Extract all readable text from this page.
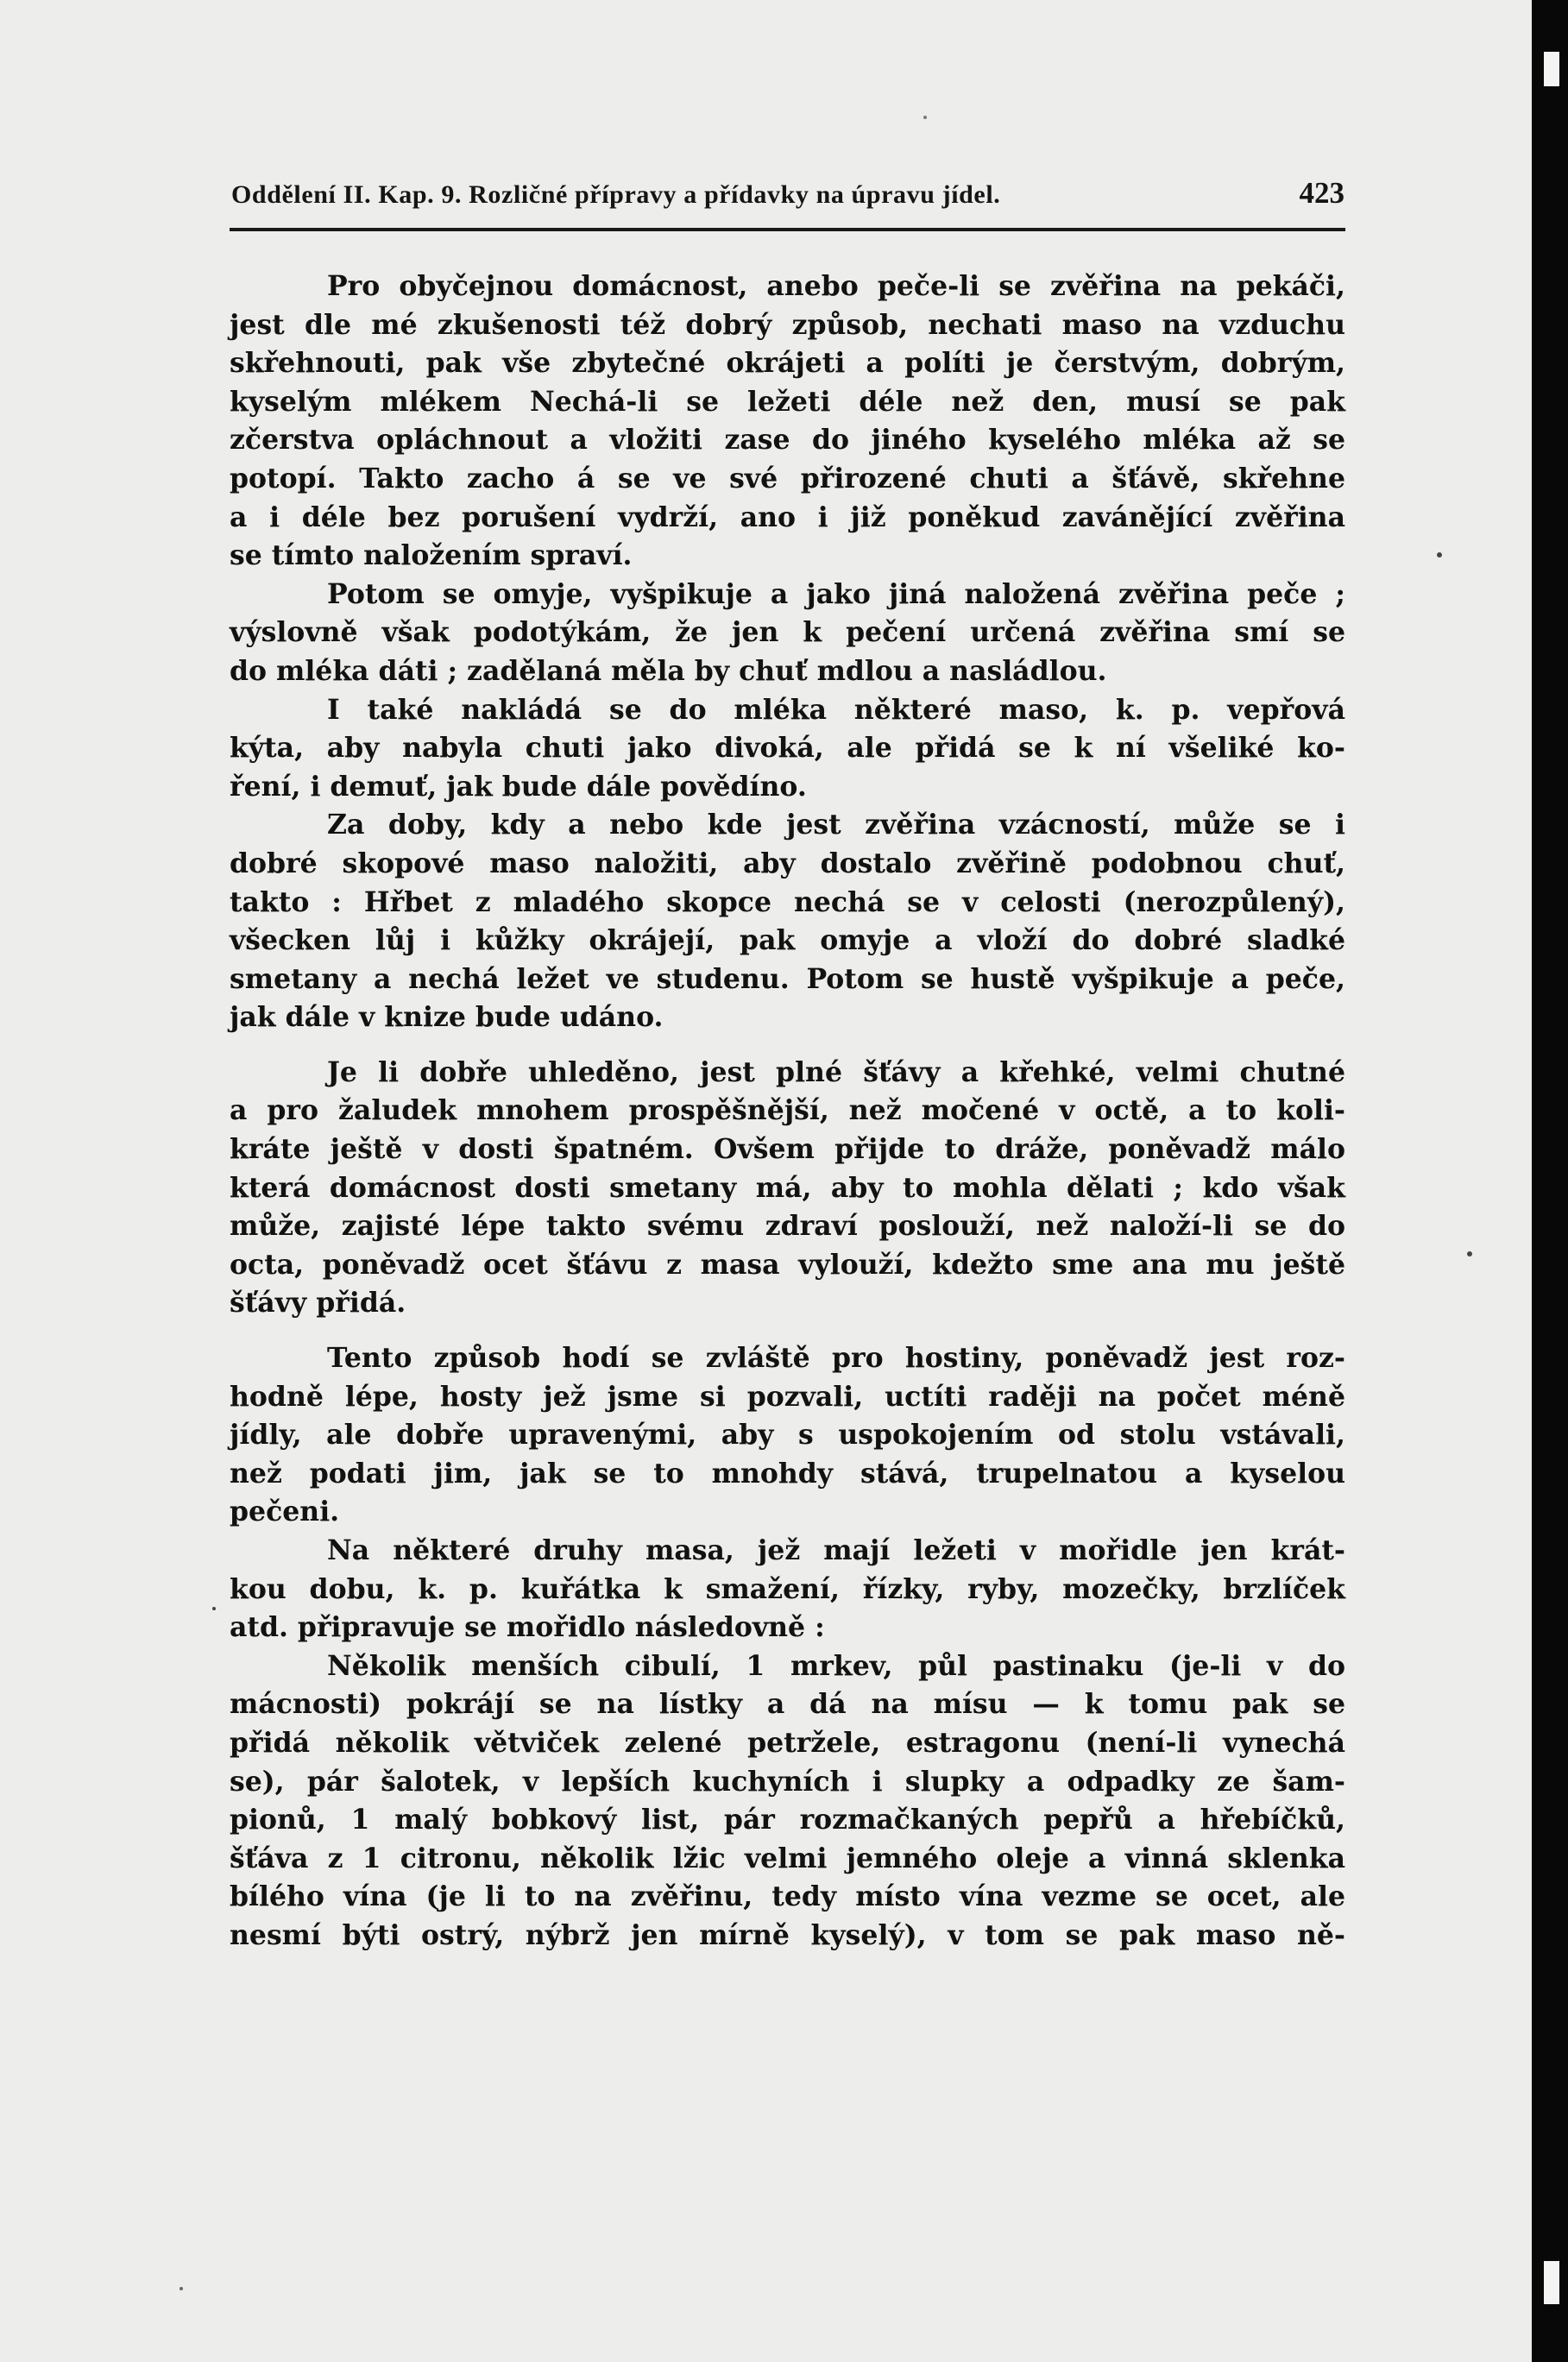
Oddělení II. Kap. 9. Rozličné přípravy a přídavky na úpravu jídel.	423

Pro obyčejnou domácnost, anebo peče-li se zvěřina na pekáči,
jest dle mé zkušenosti též dobrý způsob, nechati maso na vzduchu
skřehnouti, pak vše zbytečné okrájeti a políti je čerstvým, dobrým,
kyselým mlékem Nechá-li se ležeti déle než den, musí se pak
zčerstva opláchnout a vložiti zase do jiného kyselého mléka až se
potopí. Takto zacho á se ve své přirozené chuti a šťávě, skřehne
a i déle bez porušení vydrží, ano i již poněkud zavánějící zvěřina
se tímto naložením spraví.

Potom se omyje, vyšpikuje a jako jiná naložená zvěřina peče ;
výslovně však podotýkám, že jen k pečení určená zvěřina smí se
do mléka dáti ; zadělaná měla by chuť mdlou a nasládlou.

I také nakládá se do mléka některé maso, k. p. vepřová
kýta, aby nabyla chuti jako divoká, ale přidá se k ní všeliké ko-
ření, i demuť, jak bude dále povědíno.

Za doby, kdy a nebo kde jest zvěřina vzácností, může se i
dobré skopové maso naložiti, aby dostalo zvěřině podobnou chuť,
takto : Hřbet z mladého skopce nechá se v celosti (nerozpůlený),
všecken lůj i kůžky okrájejí, pak omyje a vloží do dobré sladké
smetany a nechá ležet ve studenu. Potom se hustě vyšpikuje a peče,
jak dále v knize bude udáno.

Je li dobře uhleděno, jest plné šťávy a křehké, velmi chutné
a pro žaludek mnohem prospěšnější, než močené v octě, a to koli-
kráte ještě v dosti špatném. Ovšem přijde to dráže, poněvadž málo
která domácnost dosti smetany má, aby to mohla dělati ; kdo však
může, zajisté lépe takto svému zdraví poslouží, než naloží-li se do
octa, poněvadž ocet šťávu z masa vylouží, kdežto sme ana mu ještě
šťávy přidá.

Tento způsob hodí se zvláště pro hostiny, poněvadž jest roz-
hodně lépe, hosty jež jsme si pozvali, uctíti raději na počet méně
jídly, ale dobře upravenými, aby s uspokojením od stolu vstávali,
než podati jim, jak se to mnohdy stává, trupelnatou a kyselou
pečeni.

Na některé druhy masa, jež mají ležeti v mořidle jen krát-
kou dobu, k. p. kuřátka k smažení, řízky, ryby, mozečky, brzlíček
atd. připravuje se mořidlo následovně :

Několik menších cibulí, 1 mrkev, půl pastinaku (je-li v do
mácnosti) pokrájí se na lístky a dá na mísu — k tomu pak se
přidá několik větviček zelené petržele, estragonu (není-li vynechá
se), pár šalotek, v lepších kuchyních i slupky a odpadky ze šam-
pionů, 1 malý bobkový list, pár rozmačkaných pepřů a hřebíčků,
šťáva z 1 citronu, několik lžic velmi jemného oleje a vinná sklenka
bílého vína (je li to na zvěřinu, tedy místo vína vezme se ocet, ale
nesmí býti ostrý, nýbrž jen mírně kyselý), v tom se pak maso ně-
